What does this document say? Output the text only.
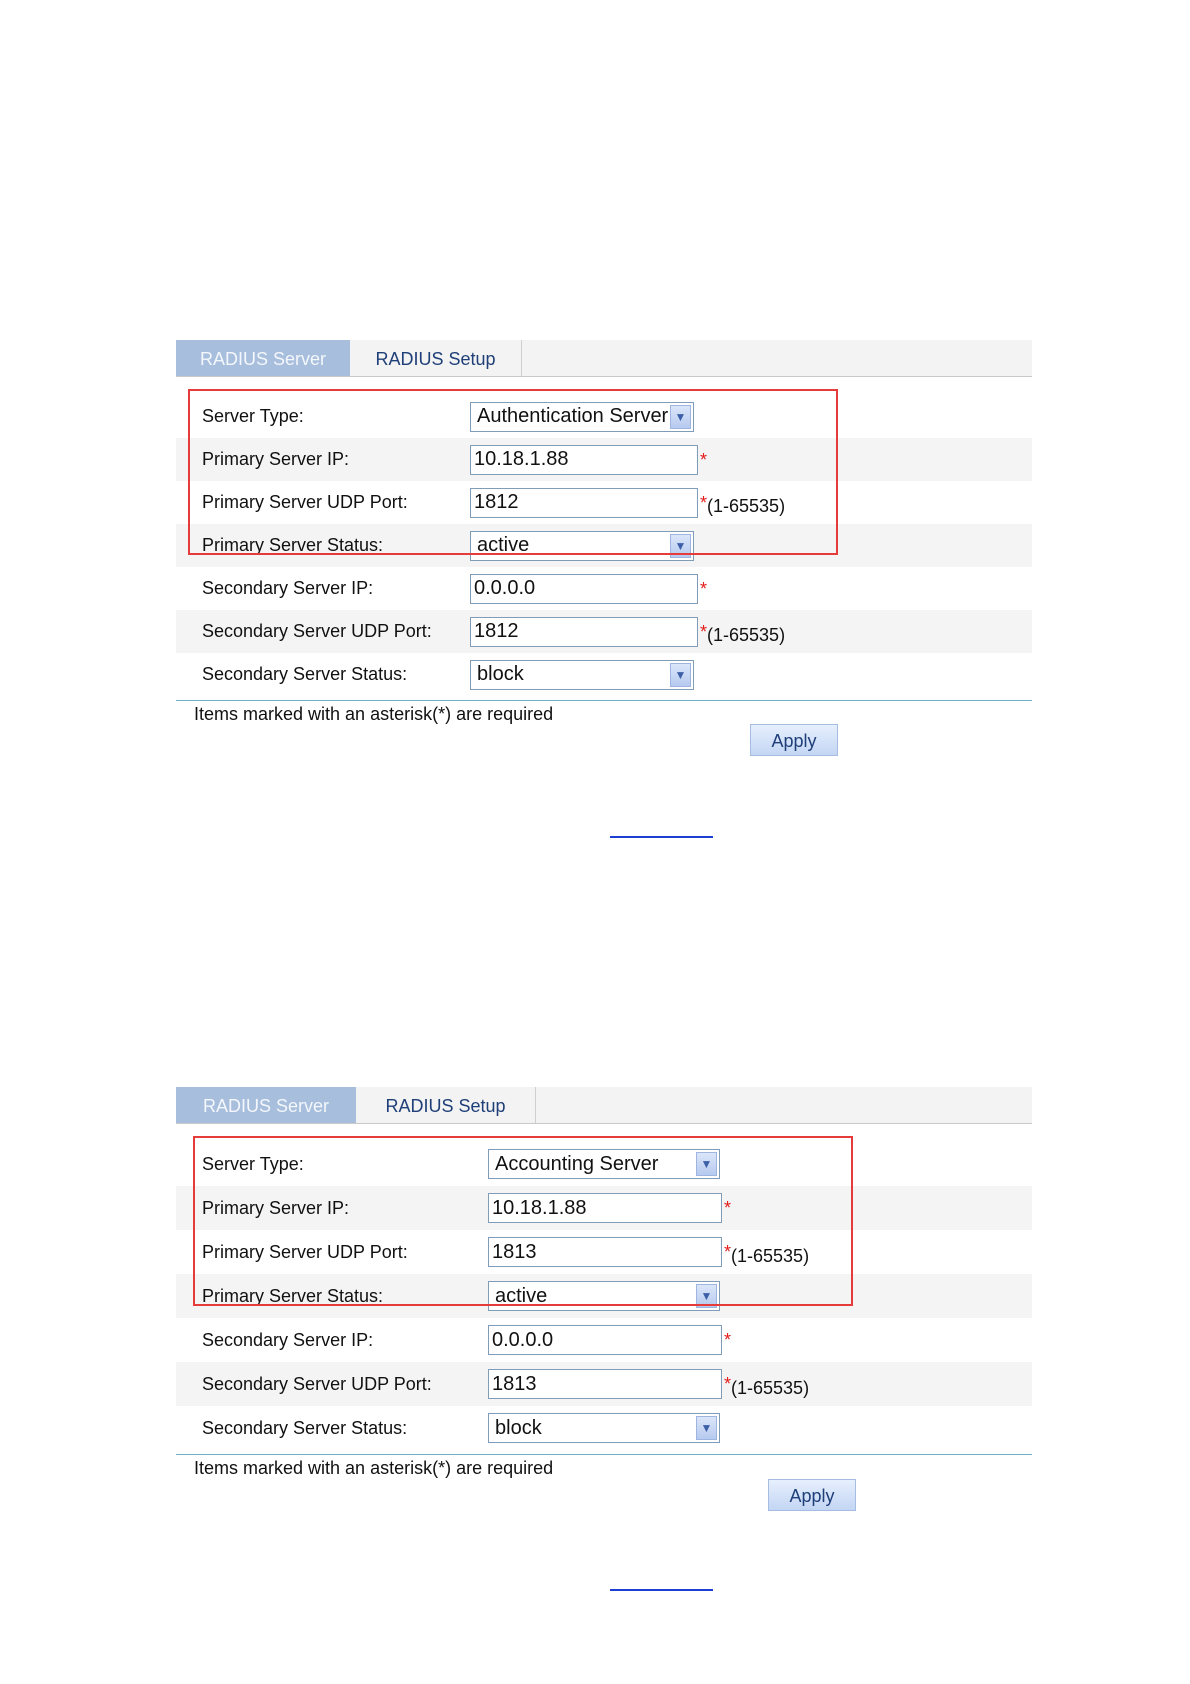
RADIUS Server	RADIUS Setup
Server Type:	Authentication Server ▼
Primary Server IP:	10.18.1.88	*
Primary Server UDP Port:	1812	* (1-65535)
Primary Server Status:	active	▼
Secondary Server IP:	0.0.0.0	*
Secondary Server UDP Port:	1812	* (1-65535)
Secondary Server Status:	block	▼
Items marked with an asterisk(*) are required
Apply
RADIUS Server	RADIUS Setup
Server Type:	Accounting Server	▼
Primary Server IP:	10.18.1.88	*
Primary Server UDP Port:	1813	* (1-65535)
Primary Server Status:	active	▼
Secondary Server IP:	0.0.0.0	*
Secondary Server UDP Port:	1813	* (1-65535)
Secondary Server Status:	block	▼
Items marked with an asterisk(*) are required
Apply
